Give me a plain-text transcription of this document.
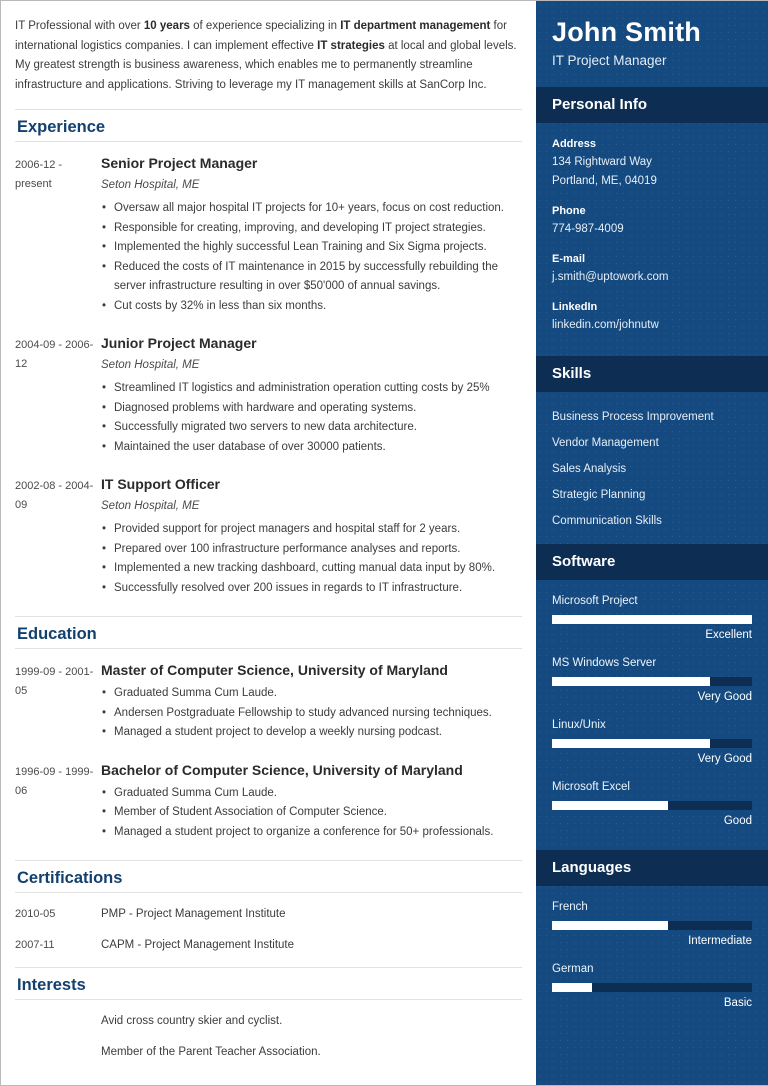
IT Professional with over 10 years of experience specializing in IT department management for international logistics companies. I can implement effective IT strategies at local and global levels. My greatest strength is business awareness, which enables me to permanently streamline infrastructure and applications. Striving to leverage my IT management skills at SanCorp Inc.

Experience
2006-12 - present
Senior Project Manager
Seton Hospital, ME
• Oversaw all major hospital IT projects for 10+ years, focus on cost reduction.
• Responsible for creating, improving, and developing IT project strategies.
• Implemented the highly successful Lean Training and Six Sigma projects.
• Reduced the costs of IT maintenance in 2015 by successfully rebuilding the server infrastructure resulting in over $50'000 of annual savings.
• Cut costs by 32% in less than six months.
2004-09 - 2006-12
Junior Project Manager
Seton Hospital, ME
• Streamlined IT logistics and administration operation cutting costs by 25%
• Diagnosed problems with hardware and operating systems.
• Successfully migrated two servers to new data architecture.
• Maintained the user database of over 30000 patients.
2002-08 - 2004-09
IT Support Officer
Seton Hospital, ME
• Provided support for project managers and hospital staff for 2 years.
• Prepared over 100 infrastructure performance analyses and reports.
• Implemented a new tracking dashboard, cutting manual data input by 80%.
• Successfully resolved over 200 issues in regards to IT infrastructure.
Education
1999-09 - 2001-05
Master of Computer Science, University of Maryland
• Graduated Summa Cum Laude.
• Andersen Postgraduate Fellowship to study advanced nursing techniques.
• Managed a student project to develop a weekly nursing podcast.
1996-09 - 1999-06
Bachelor of Computer Science, University of Maryland
• Graduated Summa Cum Laude.
• Member of Student Association of Computer Science.
• Managed a student project to organize a conference for 50+ professionals.
Certifications
2010-05	PMP - Project Management Institute
2007-11	CAPM - Project Management Institute
Interests
Avid cross country skier and cyclist.
Member of the Parent Teacher Association.
John Smith
IT Project Manager
Personal Info
Address
134 Rightward Way
Portland, ME, 04019
Phone
774-987-4009
E-mail
j.smith@uptowork.com
LinkedIn
linkedin.com/johnutw
Skills
Business Process Improvement
Vendor Management
Sales Analysis
Strategic Planning
Communication Skills
Software
Microsoft Project
Excellent
MS Windows Server
Very Good
Linux/Unix
Very Good
Microsoft Excel
Good
Languages
French
Intermediate
German
Basic
